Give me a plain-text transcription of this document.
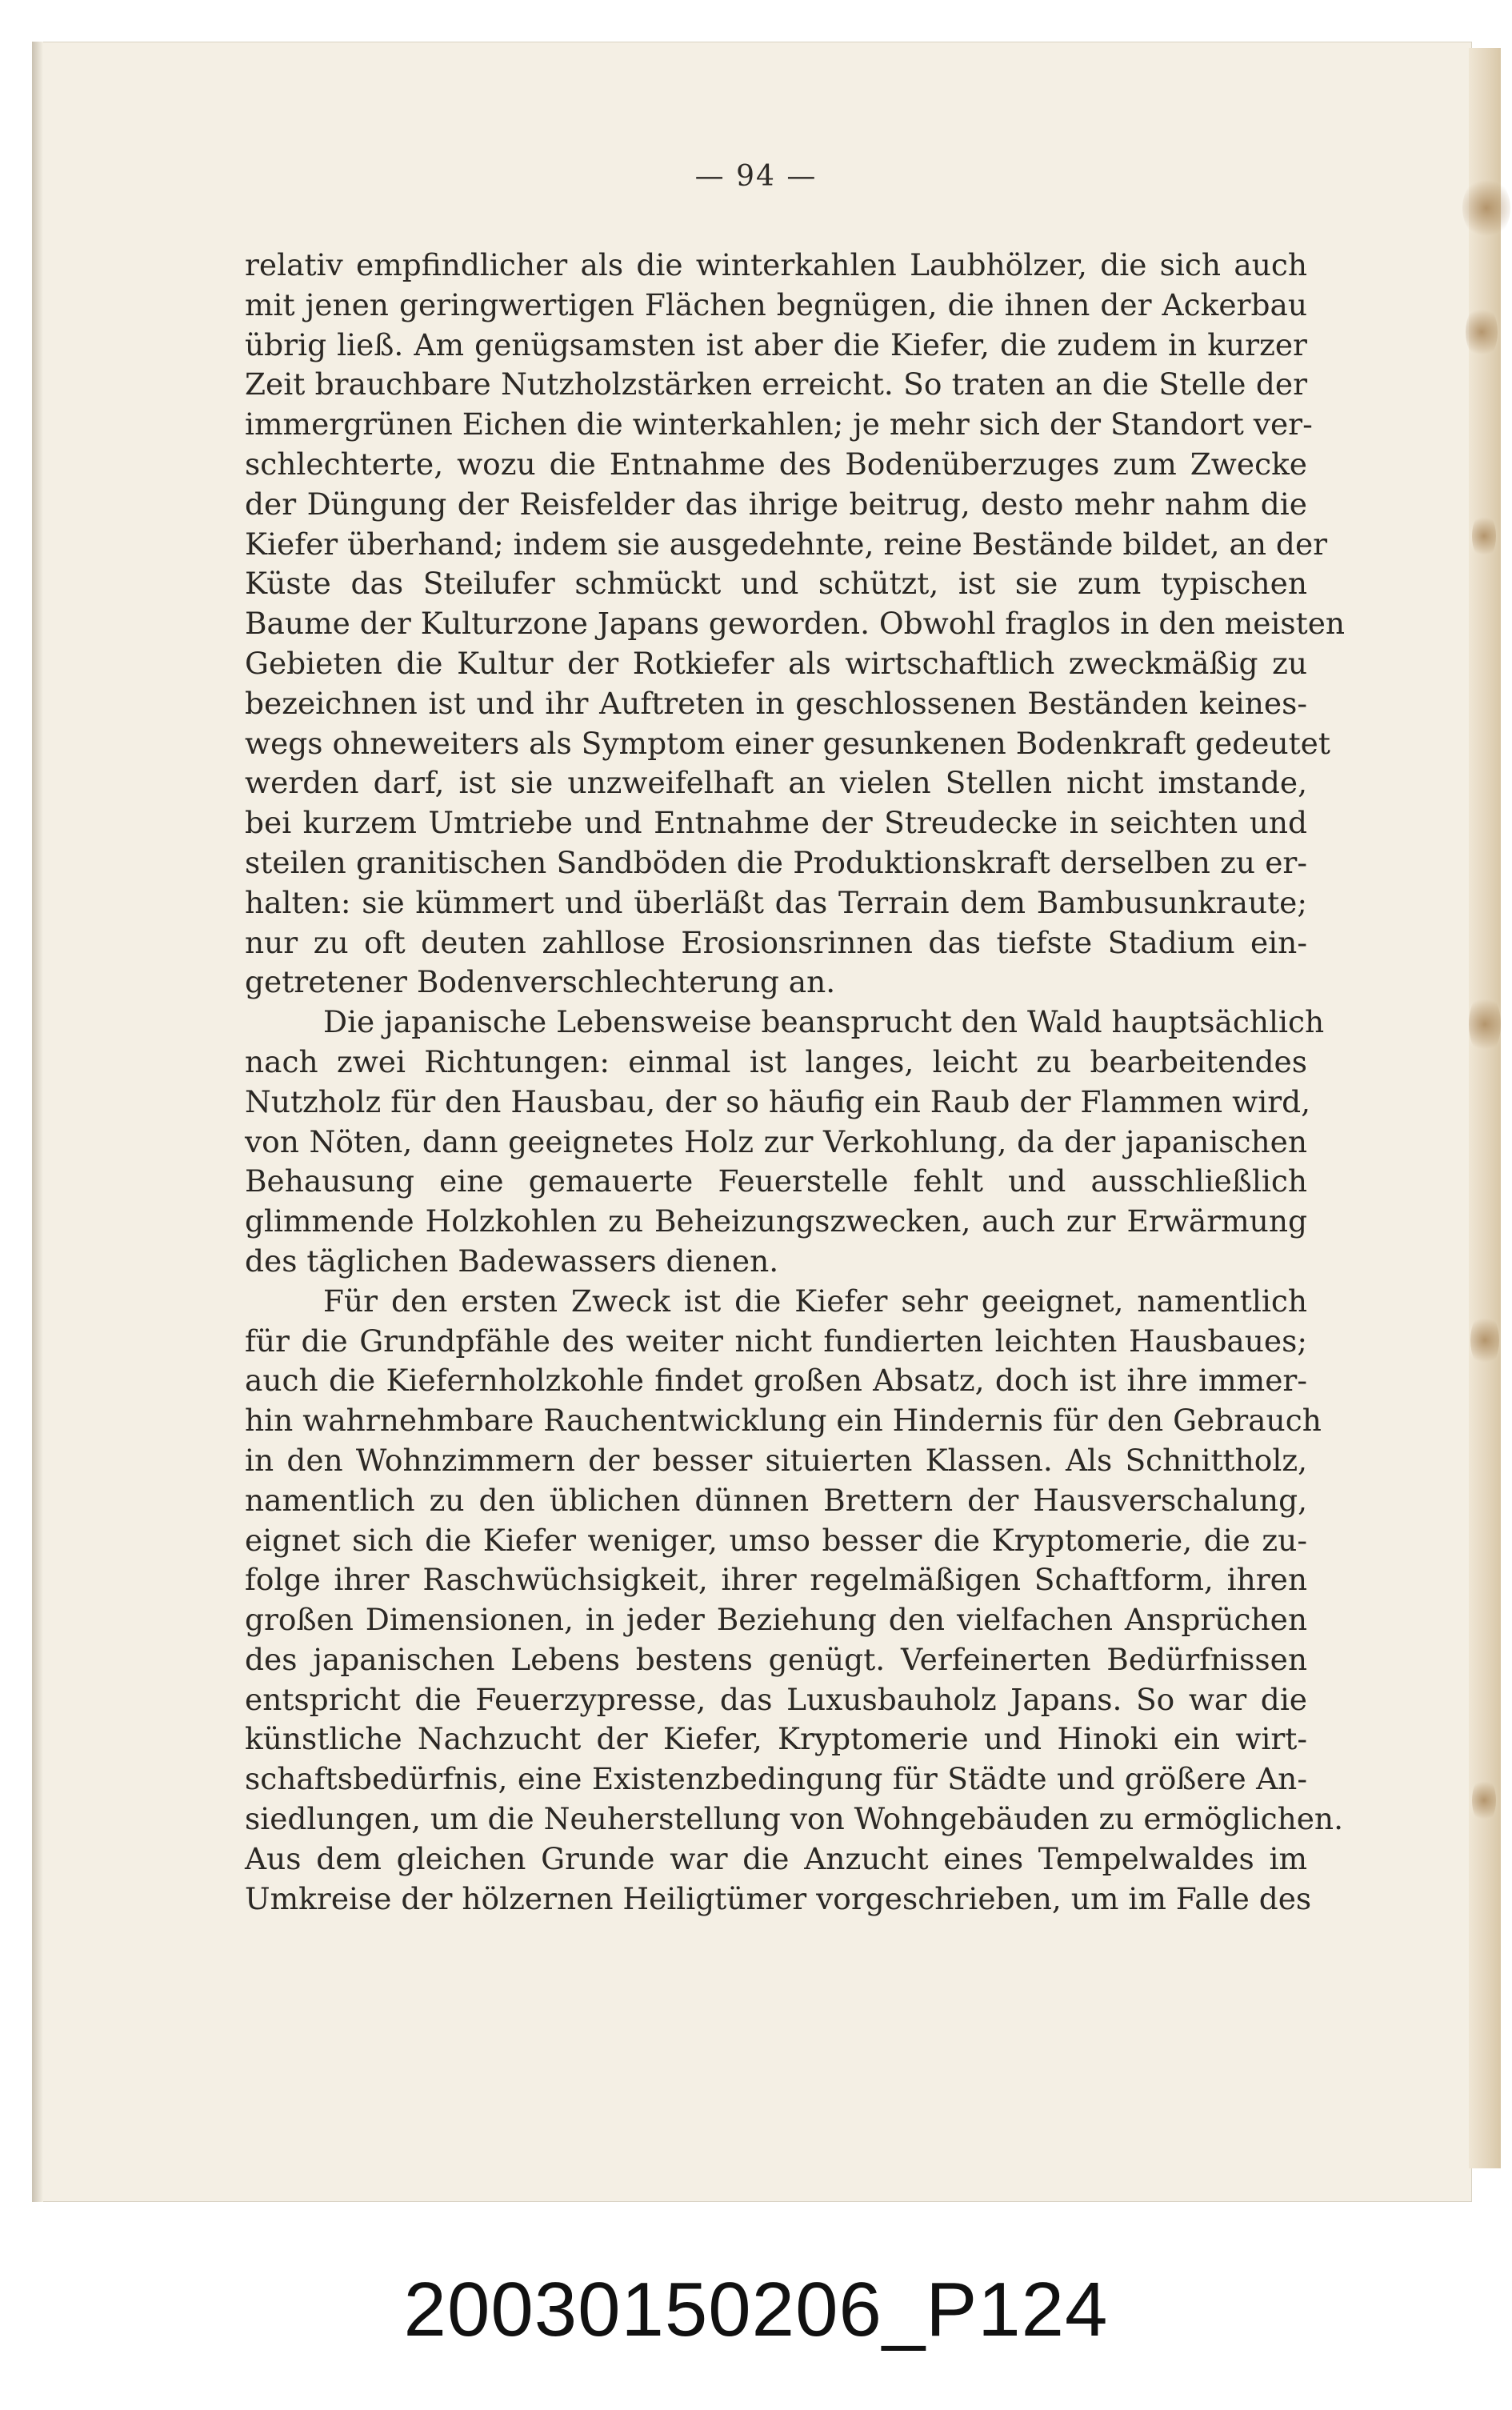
— 94 —
relativ empfindlicher als die winterkahlen Laubhölzer, die sich auch
mit jenen geringwertigen Flächen begnügen, die ihnen der Ackerbau
übrig ließ. Am genügsamsten ist aber die Kiefer, die zudem in kurzer
Zeit brauchbare Nutzholzstärken erreicht. So traten an die Stelle der
immergrünen Eichen die winterkahlen; je mehr sich der Standort ver-
schlechterte, wozu die Entnahme des Bodenüberzuges zum Zwecke
der Düngung der Reisfelder das ihrige beitrug, desto mehr nahm die
Kiefer überhand; indem sie ausgedehnte, reine Bestände bildet, an der
Küste das Steilufer schmückt und schützt, ist sie zum typischen
Baume der Kulturzone Japans geworden. Obwohl fraglos in den meisten
Gebieten die Kultur der Rotkiefer als wirtschaftlich zweckmäßig zu
bezeichnen ist und ihr Auftreten in geschlossenen Beständen keines-
wegs ohneweiters als Symptom einer gesunkenen Bodenkraft gedeutet
werden darf, ist sie unzweifelhaft an vielen Stellen nicht imstande,
bei kurzem Umtriebe und Entnahme der Streudecke in seichten und
steilen granitischen Sandböden die Produktionskraft derselben zu er-
halten: sie kümmert und überläßt das Terrain dem Bambusunkraute;
nur zu oft deuten zahllose Erosionsrinnen das tiefste Stadium ein-
getretener Bodenverschlechterung an.
Die japanische Lebensweise beansprucht den Wald hauptsächlich
nach zwei Richtungen: einmal ist langes, leicht zu bearbeitendes
Nutzholz für den Hausbau, der so häufig ein Raub der Flammen wird,
von Nöten, dann geeignetes Holz zur Verkohlung, da der japanischen
Behausung eine gemauerte Feuerstelle fehlt und ausschließlich
glimmende Holzkohlen zu Beheizungszwecken, auch zur Erwärmung
des täglichen Badewassers dienen.
Für den ersten Zweck ist die Kiefer sehr geeignet, namentlich
für die Grundpfähle des weiter nicht fundierten leichten Hausbaues;
auch die Kiefernholzkohle findet großen Absatz, doch ist ihre immer-
hin wahrnehmbare Rauchentwicklung ein Hindernis für den Gebrauch
in den Wohnzimmern der besser situierten Klassen. Als Schnittholz,
namentlich zu den üblichen dünnen Brettern der Hausverschalung,
eignet sich die Kiefer weniger, umso besser die Kryptomerie, die zu-
folge ihrer Raschwüchsigkeit, ihrer regelmäßigen Schaftform, ihren
großen Dimensionen, in jeder Beziehung den vielfachen Ansprüchen
des japanischen Lebens bestens genügt. Verfeinerten Bedürfnissen
entspricht die Feuerzypresse, das Luxusbauholz Japans. So war die
künstliche Nachzucht der Kiefer, Kryptomerie und Hinoki ein wirt-
schaftsbedürfnis, eine Existenzbedingung für Städte und größere An-
siedlungen, um die Neuherstellung von Wohngebäuden zu ermöglichen.
Aus dem gleichen Grunde war die Anzucht eines Tempelwaldes im
Umkreise der hölzernen Heiligtümer vorgeschrieben, um im Falle des
20030150206_P124
